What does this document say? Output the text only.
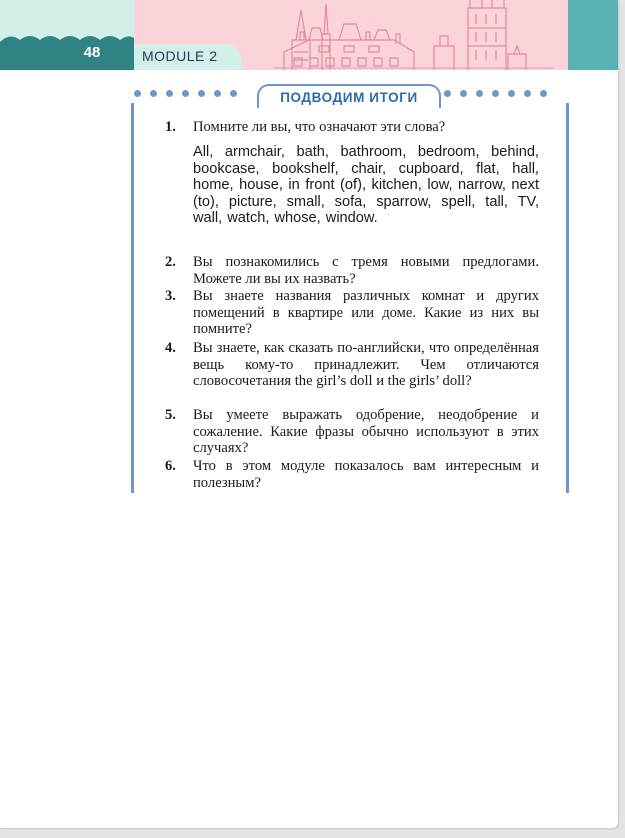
48	MODULE 2
ПОДВОДИМ ИТОГИ
1. Помните ли вы, что означают эти слова?
All, armchair, bath, bathroom, bedroom, behind, bookcase, bookshelf, chair, cupboard, flat, hall, home, house, in front (of), kitchen, low, narrow, next (to), picture, small, sofa, sparrow, spell, tall, TV, wall, watch, whose, window.
2. Вы познакомились с тремя новыми предлогами. Можете ли вы их назвать?
3. Вы знаете названия различных комнат и других помещений в квартире или доме. Какие из них вы помните?
4. Вы знаете, как сказать по-английски, что определённая вещь кому-то принадлежит. Чем отличаются словосочетания the girl’s doll и the girls’ doll?
5. Вы умеете выражать одобрение, неодобрение и сожаление. Какие фразы обычно используют в этих случаях?
6. Что в этом модуле показалось вам интересным и полезным?
